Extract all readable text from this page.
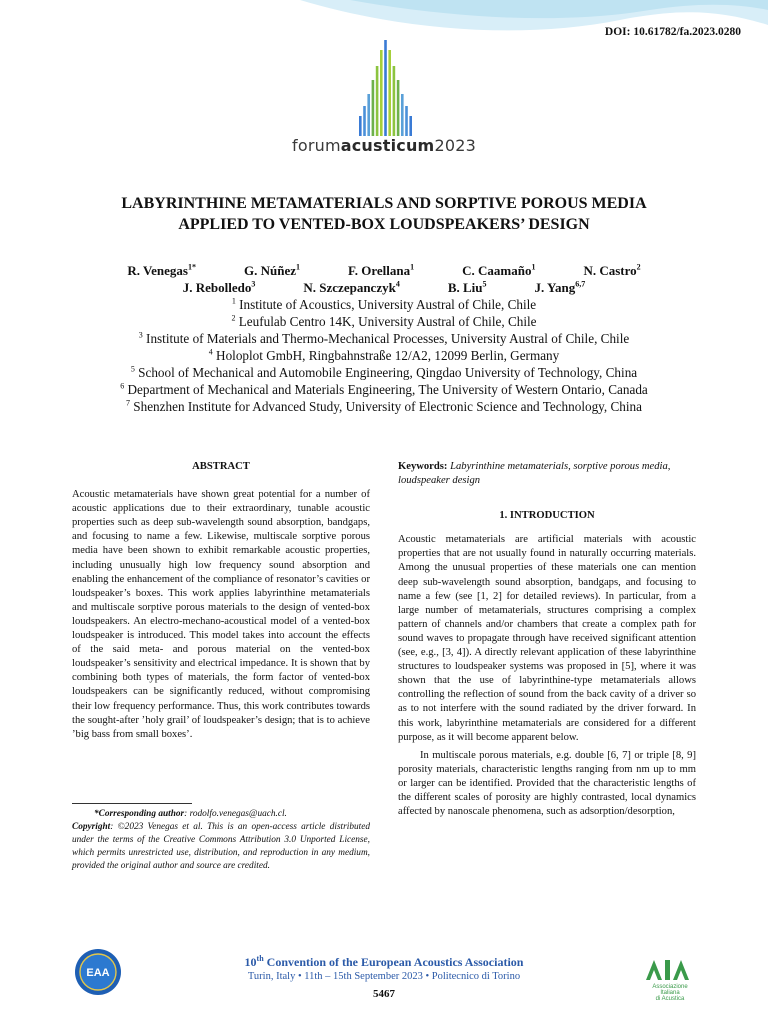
DOI: 10.61782/fa.2023.0280
forumacusticum2023
LABYRINTHINE METAMATERIALS AND SORPTIVE POROUS MEDIA
APPLIED TO VENTED-BOX LOUDSPEAKERS’ DESIGN
R. Venegas$^{1*}$	G. Núñez$^1$	F. Orellana$^1$	C. Caamaño$^1$	N. Castro$^2$
J. Rebolledo$^3$	N. Szczepanczyk$^4$	B. Liu$^5$	J. Yang$^{6,7}$
$^1$ Institute of Acoustics, University Austral of Chile, Chile
$^2$ Leufulab Centro 14K, University Austral of Chile, Chile
$^3$ Institute of Materials and Thermo-Mechanical Processes, University Austral of Chile, Chile
$^4$ Holoplot GmbH, Ringbahnstraße 12/A2, 12099 Berlin, Germany
$^5$ School of Mechanical and Automobile Engineering, Qingdao University of Technology, China
$^6$ Department of Mechanical and Materials Engineering, The University of Western Ontario, Canada
$^7$ Shenzhen Institute for Advanced Study, University of Electronic Science and Technology, China
ABSTRACT
Acoustic metamaterials have shown great potential for a number of acoustic applications due to their extraordinary, tunable acoustic properties such as deep sub-wavelength sound absorption, bandgaps, and focusing to name a few. Likewise, multiscale sorptive porous media have been shown to exhibit remarkable acoustic properties, including unusually high low frequency sound absorption and enabling the enhancement of the compliance of resonator’s cavities or loudspeaker’s boxes. This work applies labyrinthine metamaterials and multiscale sorptive porous materials to the design of vented-box loudspeakers. An electro-mechano-acoustical model of a vented-box loudspeaker is introduced. This model takes into account the effects of the said meta- and porous material on the vented-box loudspeaker’s sensitivity and electrical impedance. It is shown that by combining both types of materials, the form factor of vented-box loudspeakers can be significantly reduced, without compromising their low frequency performance. Thus, this work contributes towards the sought-after ’holy grail’ of loudspeaker’s design; that is to achieve ’big bass from small boxes’.
*Corresponding author: rodolfo.venegas@uach.cl.
Copyright: ©2023 Venegas et al. This is an open-access article distributed under the terms of the Creative Commons Attribution 3.0 Unported License, which permits unrestricted use, distribution, and reproduction in any medium, provided the original author and source are credited.
Keywords: Labyrinthine metamaterials, sorptive porous media, loudspeaker design
1. INTRODUCTION
Acoustic metamaterials are artificial materials with acoustic properties that are not usually found in naturally occurring materials. Among the unusual properties of these materials one can mention deep sub-wavelength sound absorption, bandgaps, and focusing to name a few (see [1, 2] for detailed reviews). In particular, from a large number of metamaterials, structures comprising a complex pattern of channels and/or chambers that create a complex path for sound waves to propagate through have received significant attention (see, e.g., [3, 4]). A directly relevant application of these labyrinthine structures to loudspeaker systems was proposed in [5], where it was shown that the use of labyrinthine-type metamaterials allows controlling the reflection of sound from the back cavity of a driver so as to not interfere with the sound radiated by the driver forward. In this work, labyrinthine metamaterials are considered for a different purpose, as it will become apparent below.
In multiscale porous materials, e.g. double [6, 7] or triple [8, 9] porosity materials, characteristic lengths ranging from nm up to mm or larger can be identified. Provided that the characteristic lengths of the different scales of porosity are highly contrasted, local dynamics affected by nanoscale phenomena, such as adsorption/desorption,
EAA
10th Convention of the European Acoustics Association
Turin, Italy • 11th – 15th September 2023 • Politecnico di Torino
5467
Associazione
Italiana
di Acustica
